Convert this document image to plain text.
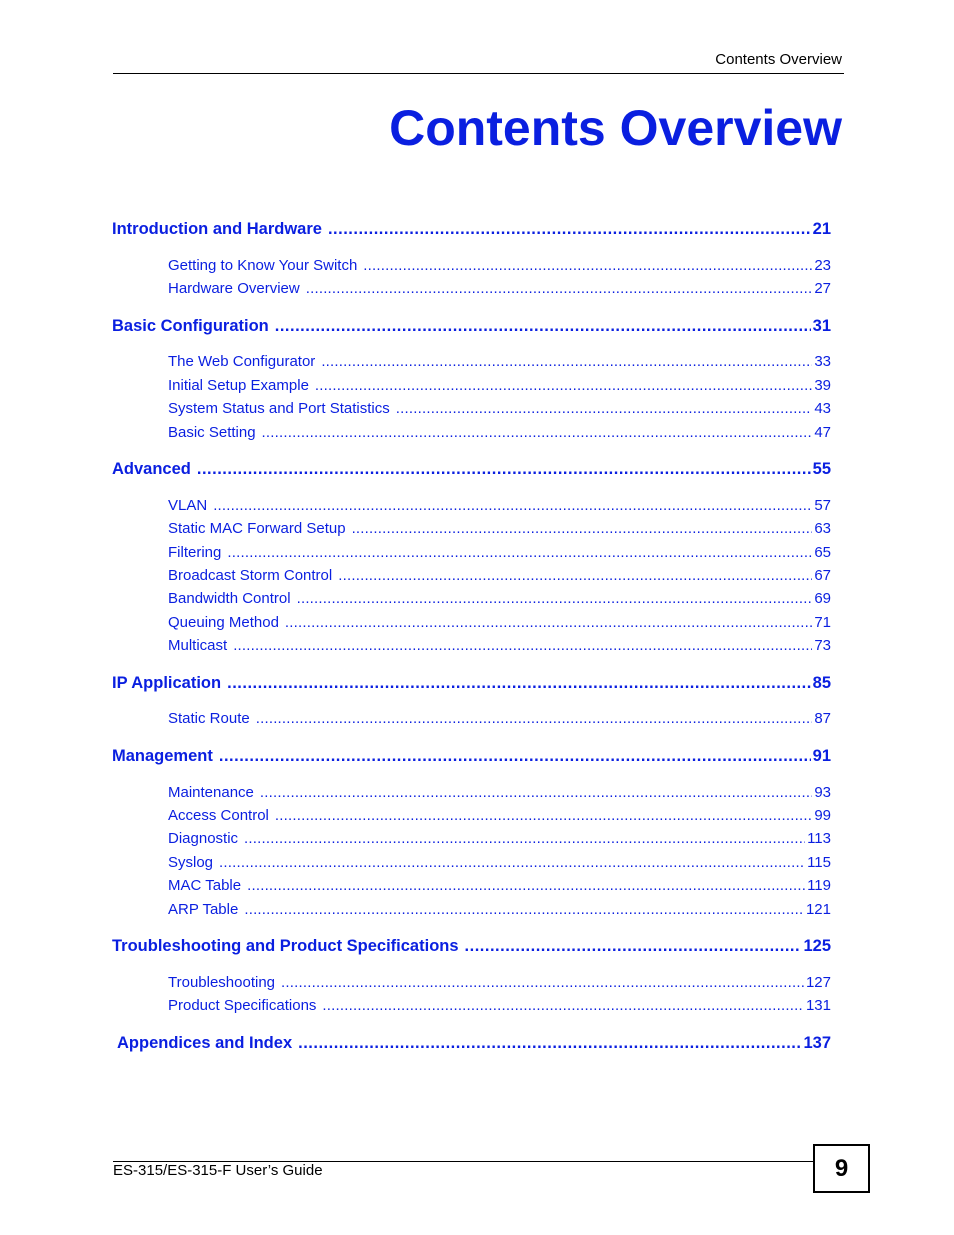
Contents Overview
Contents Overview
Introduction and Hardware .....	21
Getting to Know Your Switch .....	23
Hardware Overview .....	27
Basic Configuration .....	31
The Web Configurator .....	33
Initial Setup Example .....	39
System Status and Port Statistics .....	43
Basic Setting .....	47
Advanced .....	55
VLAN .....	57
Static MAC Forward Setup .....	63
Filtering .....	65
Broadcast Storm Control .....	67
Bandwidth Control .....	69
Queuing Method .....	71
Multicast .....	73
IP Application .....	85
Static Route .....	87
Management .....	91
Maintenance .....	93
Access Control .....	99
Diagnostic .....	113
Syslog .....	115
MAC Table .....	119
ARP Table .....	121
Troubleshooting and Product Specifications .....	125
Troubleshooting .....	127
Product Specifications .....	131
Appendices and Index .....	137
ES-315/ES-315-F User’s Guide	9
